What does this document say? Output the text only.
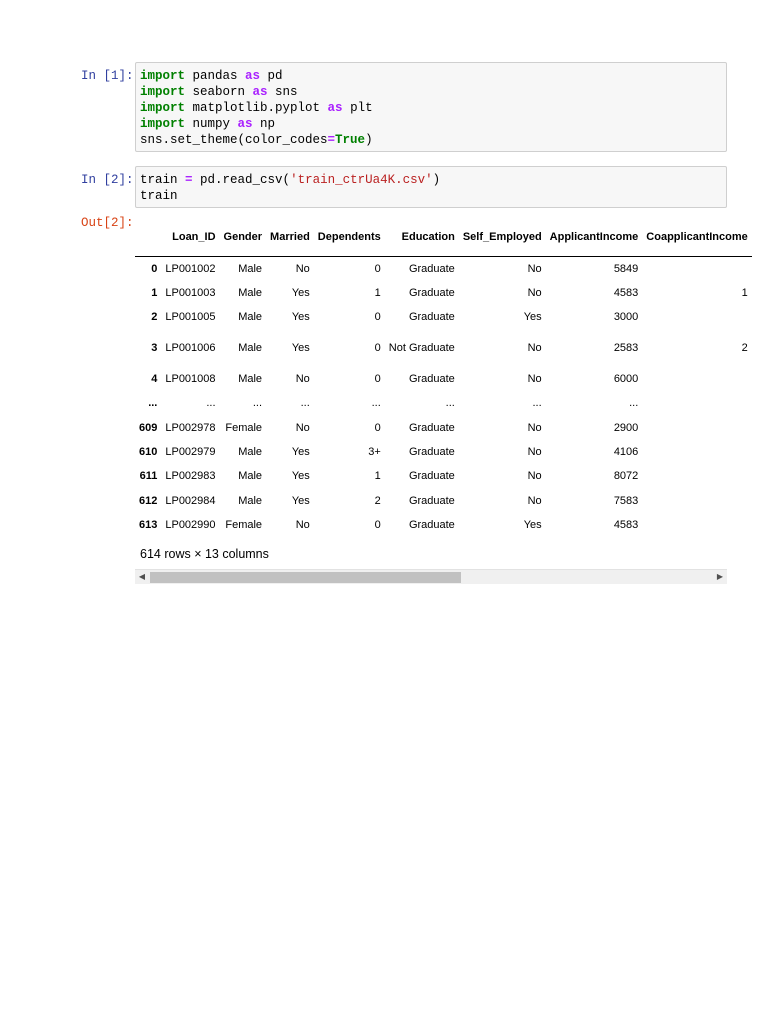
In [1]: import pandas as pd
import seaborn as sns
import matplotlib.pyplot as plt
import numpy as np
sns.set_theme(color_codes=True)
In [2]: train = pd.read_csv('train_ctrUa4K.csv')
train
Out[2]:
	Loan_ID	Gender	Married	Dependents	Education	Self_Employed	ApplicantIncome	CoapplicantIncome
0	LP001002	Male	No	0	Graduate	No	5849	
1	LP001003	Male	Yes	1	Graduate	No	4583	1
2	LP001005	Male	Yes	0	Graduate	Yes	3000	
3	LP001006	Male	Yes	0	Not Graduate	No	2583	2
4	LP001008	Male	No	0	Graduate	No	6000	
...	...	...	...	...	...	...	...	
609	LP002978	Female	No	0	Graduate	No	2900	
610	LP002979	Male	Yes	3+	Graduate	No	4106	
611	LP002983	Male	Yes	1	Graduate	No	8072	
612	LP002984	Male	Yes	2	Graduate	No	7583	
613	LP002990	Female	No	0	Graduate	Yes	4583	
614 rows × 13 columns
◀	▶
